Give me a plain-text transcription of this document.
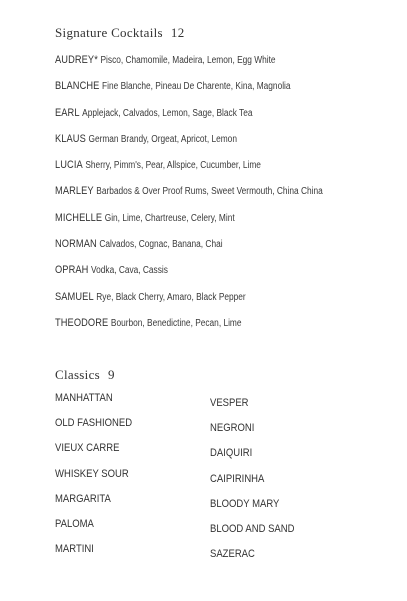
Signature Cocktails 12
AUDREY* Pisco, Chamomile, Madeira, Lemon, Egg White
BLANCHE Fine Blanche, Pineau De Charente, Kina, Magnolia
EARL Applejack, Calvados, Lemon, Sage, Black Tea
KLAUS German Brandy, Orgeat, Apricot, Lemon
LUCIA Sherry, Pimm's, Pear, Allspice, Cucumber, Lime
MARLEY Barbados & Over Proof Rums, Sweet Vermouth, China China
MICHELLE Gin, Lime, Chartreuse, Celery, Mint
NORMAN Calvados, Cognac, Banana, Chai
OPRAH Vodka, Cava, Cassis
SAMUEL Rye, Black Cherry, Amaro, Black Pepper
THEODORE Bourbon, Benedictine, Pecan, Lime
Classics 9
MANHATTAN
OLD FASHIONED
VIEUX CARRE
WHISKEY SOUR
MARGARITA
PALOMA
MARTINI
VESPER
NEGRONI
DAIQUIRI
CAIPIRINHA
BLOODY MARY
BLOOD AND SAND
SAZERAC
